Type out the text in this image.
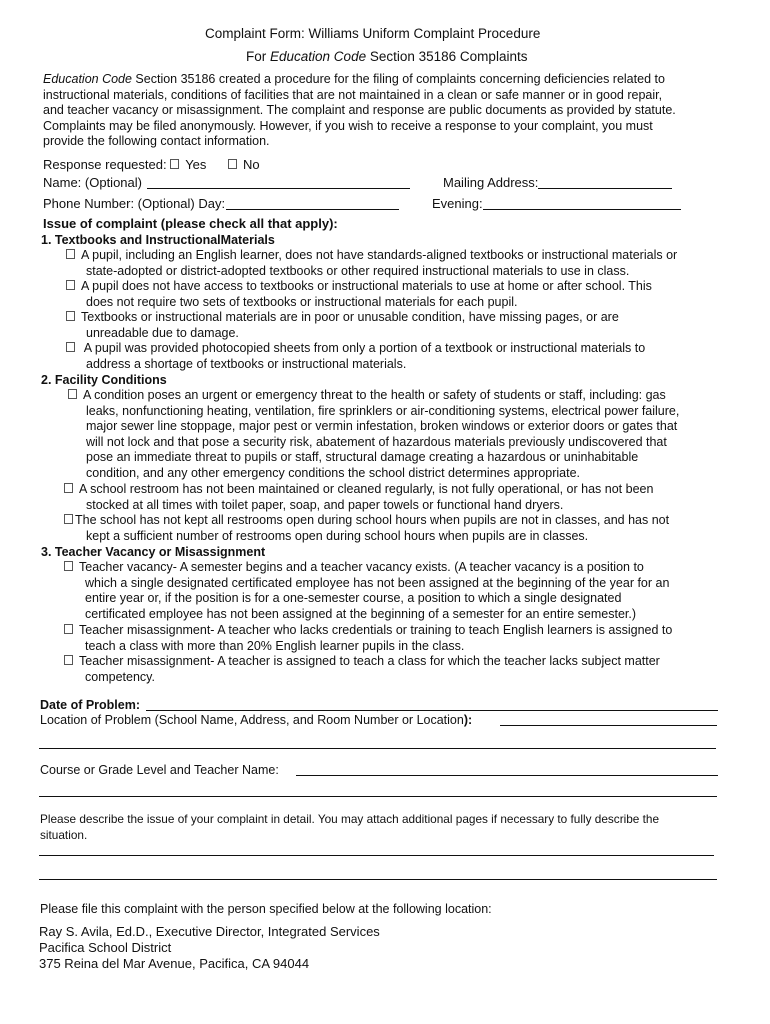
Complaint Form: Williams Uniform Complaint Procedure
For Education Code Section 35186 Complaints
Education Code Section 35186 created a procedure for the filing of complaints concerning deficiencies related to
instructional materials, conditions of facilities that are not maintained in a clean or safe manner or in good repair,
and teacher vacancy or misassignment. The complaint and response are public documents as provided by statute.
Complaints may be filed anonymously. However, if you wish to receive a response to your complaint, you must
provide the following contact information.
Response requested: Yes	No
Name: (Optional)	Mailing Address:
Phone Number: (Optional) Day:	Evening:
Issue of complaint (please check all that apply):
1. Textbooks and InstructionalMaterials
A pupil, including an English learner, does not have standards-aligned textbooks or instructional materials or
state-adopted or district-adopted textbooks or other required instructional materials to use in class.
A pupil does not have access to textbooks or instructional materials to use at home or after school. This
does not require two sets of textbooks or instructional materials for each pupil.
Textbooks or instructional materials are in poor or unusable condition, have missing pages, or are
unreadable due to damage.
A pupil was provided photocopied sheets from only a portion of a textbook or instructional materials to
address a shortage of textbooks or instructional materials.
2. Facility Conditions
A condition poses an urgent or emergency threat to the health or safety of students or staff, including: gas
leaks, nonfunctioning heating, ventilation, fire sprinklers or air-conditioning systems, electrical power failure,
major sewer line stoppage, major pest or vermin infestation, broken windows or exterior doors or gates that
will not lock and that pose a security risk, abatement of hazardous materials previously undiscovered that
pose an immediate threat to pupils or staff, structural damage creating a hazardous or uninhabitable
condition, and any other emergency conditions the school district determines appropriate.
A school restroom has not been maintained or cleaned regularly, is not fully operational, or has not been
stocked at all times with toilet paper, soap, and paper towels or functional hand dryers.
The school has not kept all restrooms open during school hours when pupils are not in classes, and has not
kept a sufficient number of restrooms open during school hours when pupils are in classes.
3. Teacher Vacancy or Misassignment
Teacher vacancy- A semester begins and a teacher vacancy exists. (A teacher vacancy is a position to
which a single designated certificated employee has not been assigned at the beginning of the year for an
entire year or, if the position is for a one-semester course, a position to which a single designated
certificated employee has not been assigned at the beginning of a semester for an entire semester.)
Teacher misassignment- A teacher who lacks credentials or training to teach English learners is assigned to
teach a class with more than 20% English learner pupils in the class.
Teacher misassignment- A teacher is assigned to teach a class for which the teacher lacks subject matter
competency.
Date of Problem:
Location of Problem (School Name, Address, and Room Number or Location):
Course or Grade Level and Teacher Name:
Please describe the issue of your complaint in detail. You may attach additional pages if necessary to fully describe the
situation.
Please file this complaint with the person specified below at the following location:
Ray S. Avila, Ed.D., Executive Director, Integrated Services
Pacifica School District
375 Reina del Mar Avenue, Pacifica, CA 94044
